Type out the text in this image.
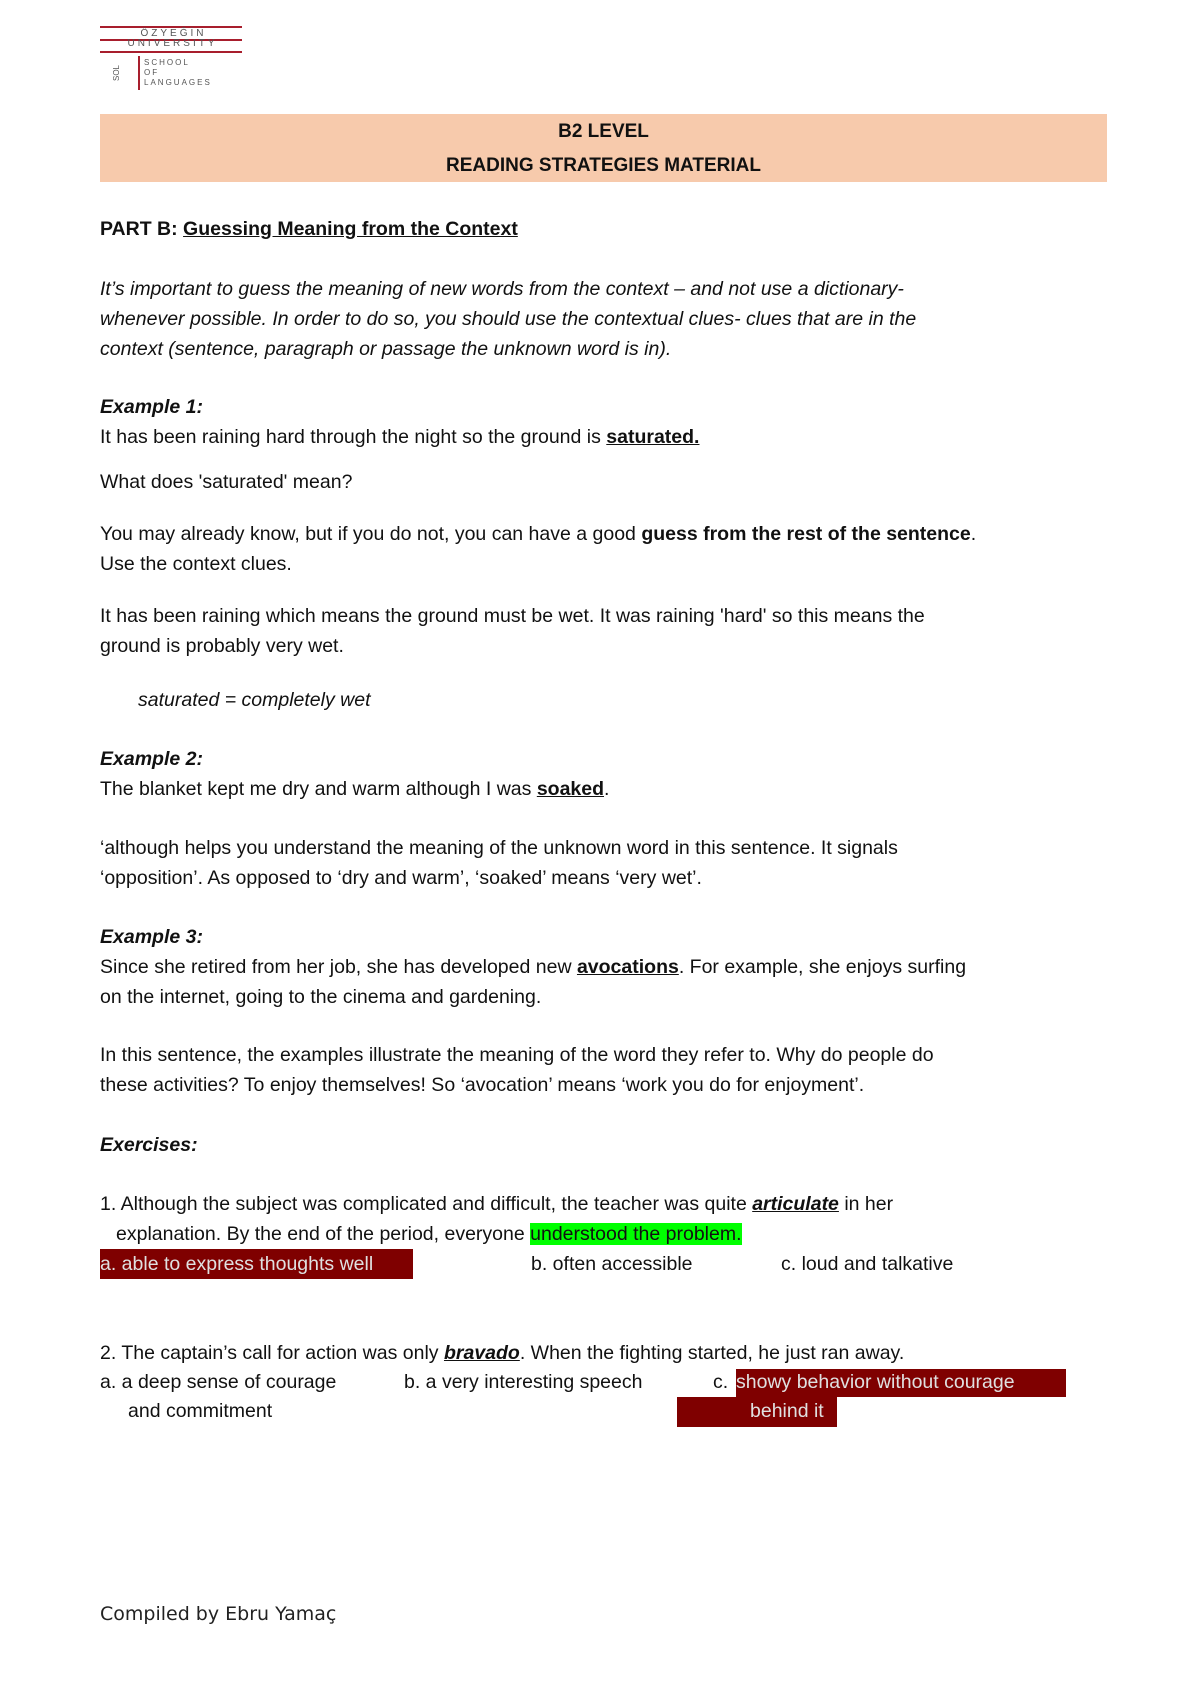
ÖZYEĞİN
UNIVERSITY
SOL
SCHOOL
OF
LANGUAGES
B2 LEVEL
READING STRATEGIES MATERIAL
PART B: Guessing Meaning from the Context
It’s important to guess the meaning of new words from the context – and not use a dictionary-
whenever possible. In order to do so, you should use the contextual clues- clues that are in the
context (sentence, paragraph or passage the unknown word is in).
Example 1:
It has been raining hard through the night so the ground is saturated.
What does 'saturated' mean?
You may already know, but if you do not, you can have a good guess from the rest of the sentence.
Use the context clues.
It has been raining which means the ground must be wet. It was raining 'hard' so this means the
ground is probably very wet.
saturated = completely wet
Example 2:
The blanket kept me dry and warm although I was soaked.
‘although helps you understand the meaning of the unknown word in this sentence. It signals
‘opposition’. As opposed to ‘dry and warm’, ‘soaked’ means ‘very wet’.
Example 3:
Since she retired from her job, she has developed new avocations. For example, she enjoys surfing
on the internet, going to the cinema and gardening.
In this sentence, the examples illustrate the meaning of the word they refer to. Why do people do
these activities? To enjoy themselves! So ‘avocation’ means ‘work you do for enjoyment’.
Exercises:
1. Although the subject was complicated and difficult, the teacher was quite articulate in her
explanation. By the end of the period, everyone understood the problem.
a. able to express thoughts well	b. often accessible	c. loud and talkative
2. The captain’s call for action was only bravado. When the fighting started, he just ran away.
a. a deep sense of courage
and commitment
b. a very interesting speech	c. showy behavior without courage
behind it
Compiled by Ebru Yamaç
